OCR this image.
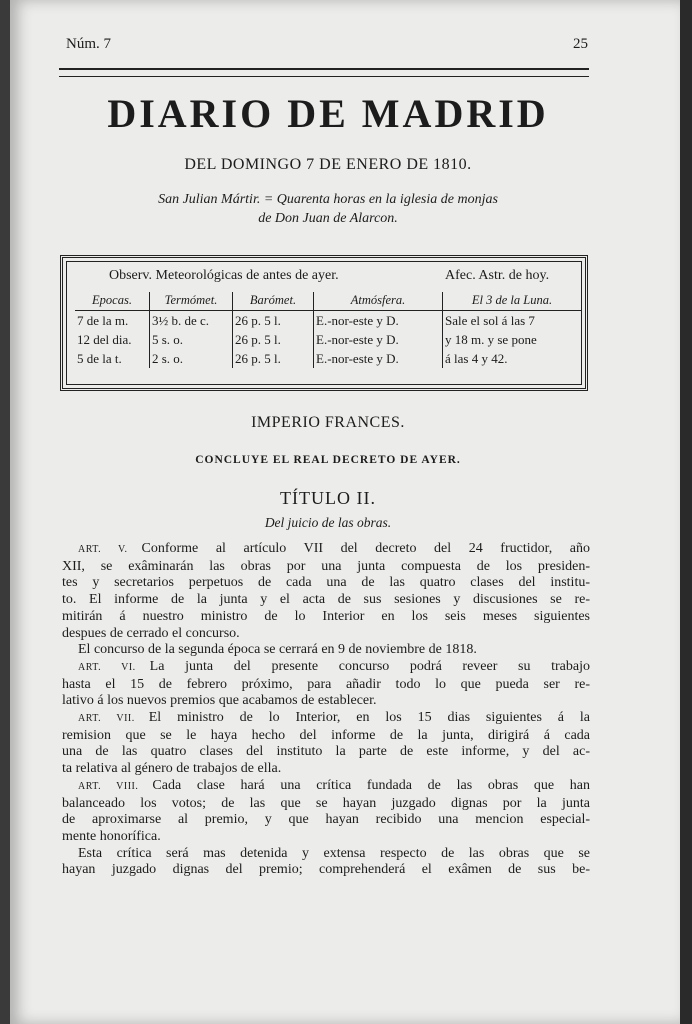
Núm. 7	25
DIARIO DE MADRID
DEL DOMINGO 7 DE ENERO DE 1810.
San Julian Mártir. = Quarenta horas en la iglesia de monjas
de Don Juan de Alarcon.
Observ. Meteorológicas de antes de ayer.	Afec. Astr. de hoy.
Epocas.	Termómet.	Barómet.	Atmósfera.	El 3 de la Luna.
7 de la m.	3½ b. de c.	26 p. 5 l.	E.-nor-este y D.	Sale el sol á las 7
12 del dia.	5 s. o.	26 p. 5 l.	E.-nor-este y D.	y 18 m. y se pone
5 de la t.	2 s. o.	26 p. 5 l.	E.-nor-este y D.	á las 4 y 42.
IMPERIO FRANCES.
CONCLUYE EL REAL DECRETO DE AYER.
TÍTULO II.
Del juicio de las obras.
ART. V.  Conforme al artículo VII del decreto del 24 fructidor, año
XII, se exâminarán las obras por una junta compuesta de los presiden-
tes y secretarios perpetuos de cada una de las quatro clases del institu-
to. El informe de la junta y el acta de sus sesiones y discusiones se re-
mitirán á nuestro ministro de lo Interior en los seis meses siguientes
despues de cerrado el concurso.
El concurso de la segunda época se cerrará en 9 de noviembre de 1818.
ART. VI.  La junta del presente concurso podrá reveer su trabajo
hasta el 15 de febrero próximo, para añadir todo lo que pueda ser re-
lativo á los nuevos premios que acabamos de establecer.
ART. VII.  El ministro de lo Interior, en los 15 dias siguientes á la
remision que se le haya hecho del informe de la junta, dirigirá á cada
una de las quatro clases del instituto la parte de este informe, y del ac-
ta relativa al género de trabajos de ella.
ART. VIII.  Cada clase hará una crítica fundada de las obras que han
balanceado los votos; de las que se hayan juzgado dignas por la junta
de aproximarse al premio, y que hayan recibido una mencion especial-
mente honorífica.
Esta crítica será mas detenida y extensa respecto de las obras que se
hayan juzgado dignas del premio; comprehenderá el exâmen de sus be-
